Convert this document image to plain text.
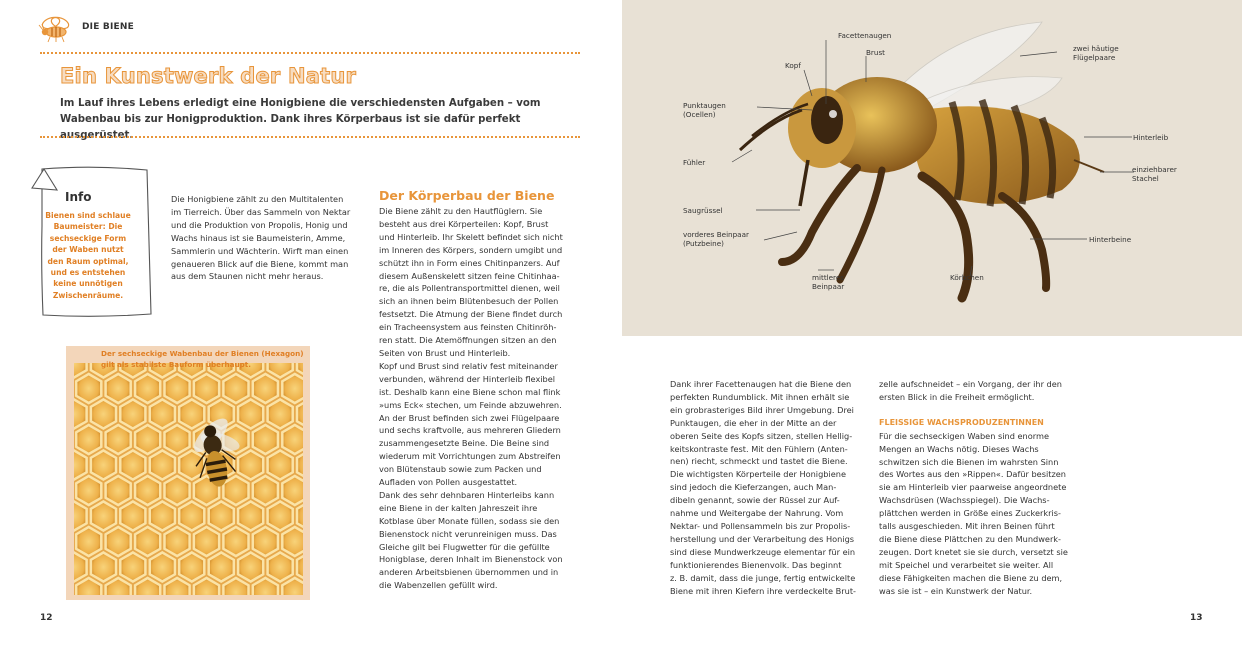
DIE BIENE
Ein Kunstwerk der Natur
Im Lauf ihres Lebens erledigt eine Honigbiene die verschiedensten Aufgaben – vom Wabenbau bis zur Honigproduktion. Dank ihres Körperbaus ist sie dafür perfekt ausgerüstet.
Info
Bienen sind schlaue
Baumeister: Die
sechseckige Form
der Waben nutzt
den Raum optimal,
und es entstehen
keine unnötigen
Zwischenräume.
Die Honigbiene zählt zu den Multitalenten
im Tierreich. Über das Sammeln von Nektar
und die Produktion von Propolis, Honig und
Wachs hinaus ist sie Baumeisterin, Amme,
Sammlerin und Wächterin. Wirft man einen
genaueren Blick auf die Biene, kommt man
aus dem Staunen nicht mehr heraus.
Der Körperbau der Biene
Die Biene zählt zu den Hautflüglern. Sie
besteht aus drei Körperteilen: Kopf, Brust
und Hinterleib. Ihr Skelett befindet sich nicht
im Inneren des Körpers, sondern umgibt und
schützt ihn in Form eines Chitinpanzers. Auf
diesem Außenskelett sitzen feine Chitinhaa-
re, die als Pollentransportmittel dienen, weil
sich an ihnen beim Blütenbesuch der Pollen
festsetzt. Die Atmung der Biene findet durch
ein Tracheensystem aus feinsten Chitinröh-
ren statt. Die Atemöffnungen sitzen an den
Seiten von Brust und Hinterleib.
Kopf und Brust sind relativ fest miteinander
verbunden, während der Hinterleib flexibel
ist. Deshalb kann eine Biene schon mal flink
»ums Eck« stechen, um Feinde abzuwehren.
An der Brust befinden sich zwei Flügelpaare
und sechs kraftvolle, aus mehreren Gliedern
zusammengesetzte Beine. Die Beine sind
wiederum mit Vorrichtungen zum Abstreifen
von Blütenstaub sowie zum Packen und
Aufladen von Pollen ausgestattet.
Dank des sehr dehnbaren Hinterleibs kann
eine Biene in der kalten Jahreszeit ihre
Kotblase über Monate füllen, sodass sie den
Bienenstock nicht verunreinigen muss. Das
Gleiche gilt bei Flugwetter für die gefüllte
Honigblase, deren Inhalt im Bienenstock von
anderen Arbeitsbienen übernommen und in
die Wabenzellen gefüllt wird.
Der sechseckige Wabenbau der Bienen (Hexagon)
gilt als stabilste Bauform überhaupt.
12
Facettenaugen
Brust
Kopf
zwei häutige
Flügelpaare
Punktaugen
(Ocellen)
Hinterleib
einziehbarer
Stachel
Fühler
Saugrüssel
vorderes Beinpaar
(Putzbeine)	Hinterbeine
Körbchen
mittleres
Beinpaar
Dank ihrer Facettenaugen hat die Biene den
perfekten Rundumblick. Mit ihnen erhält sie
ein grobrasteriges Bild ihrer Umgebung. Drei
Punktaugen, die eher in der Mitte an der
oberen Seite des Kopfs sitzen, stellen Hellig-
keitskontraste fest. Mit den Fühlern (Anten-
nen) riecht, schmeckt und tastet die Biene.
Die wichtigsten Körperteile der Honigbiene
sind jedoch die Kieferzangen, auch Man-
dibeln genannt, sowie der Rüssel zur Auf-
nahme und Weitergabe der Nahrung. Vom
Nektar- und Pollensammeln bis zur Propolis-
herstellung und der Verarbeitung des Honigs
sind diese Mundwerkzeuge elementar für ein
funktionierendes Bienenvolk. Das beginnt
z. B. damit, dass die junge, fertig entwickelte
Biene mit ihren Kiefern ihre verdeckelte Brut-
zelle aufschneidet – ein Vorgang, der ihr den
ersten Blick in die Freiheit ermöglicht.
FLEISSIGE WACHSPRODUZENTINNEN
Für die sechseckigen Waben sind enorme
Mengen an Wachs nötig. Dieses Wachs
schwitzen sich die Bienen im wahrsten Sinn
des Wortes aus den »Rippen«. Dafür besitzen
sie am Hinterleib vier paarweise angeordnete
Wachsdrüsen (Wachsspiegel). Die Wachs-
plättchen werden in Größe eines Zuckerkris-
talls ausgeschieden. Mit ihren Beinen führt
die Biene diese Plättchen zu den Mundwerk-
zeugen. Dort knetet sie sie durch, versetzt sie
mit Speichel und verarbeitet sie weiter. All
diese Fähigkeiten machen die Biene zu dem,
was sie ist – ein Kunstwerk der Natur.
13
